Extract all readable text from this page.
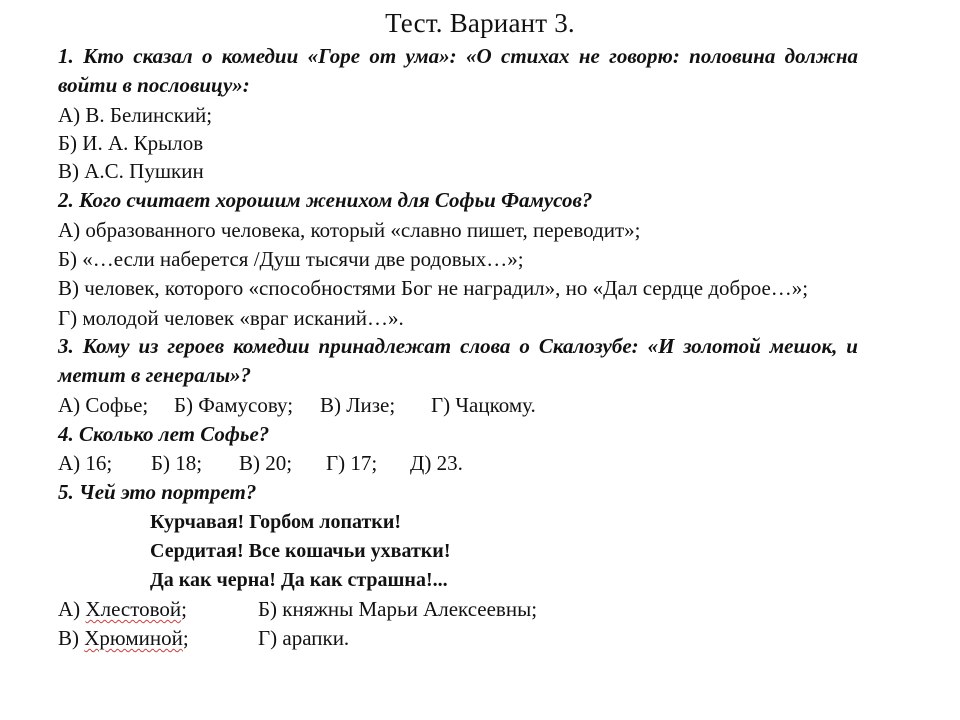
Тест. Вариант 3.
1. Кто сказал о комедии «Горе от ума»: «О стихах не говорю: половина должна войти в пословицу»:
А) В. Белинский;
Б) И. А. Крылов
В) А.С. Пушкин
2. Кого считает хорошим женихом для Софьи Фамусов?
А) образованного человека, который «славно пишет, переводит»;
Б) «…если наберется /Душ тысячи две родовых…»;
В) человек, которого «способностями Бог не наградил», но «Дал сердце доброе…»;
Г) молодой человек «враг исканий…».
3. Кому из героев комедии принадлежат слова о Скалозубе: «И золотой мешок, и метит в генералы»?
А) Софье; Б) Фамусову; В) Лизе; Г) Чацкому.
4. Сколько лет Софье?
А) 16; Б) 18; В) 20; Г) 17; Д) 23.
5. Чей это портрет?
Курчавая! Горбом лопатки!
Сердитая! Все кошачьи ухватки!
Да как черна! Да как страшна!...
А) Хлестовой;	Б) княжны Марьи Алексеевны;
В) Хрюминой;	Г) арапки.
